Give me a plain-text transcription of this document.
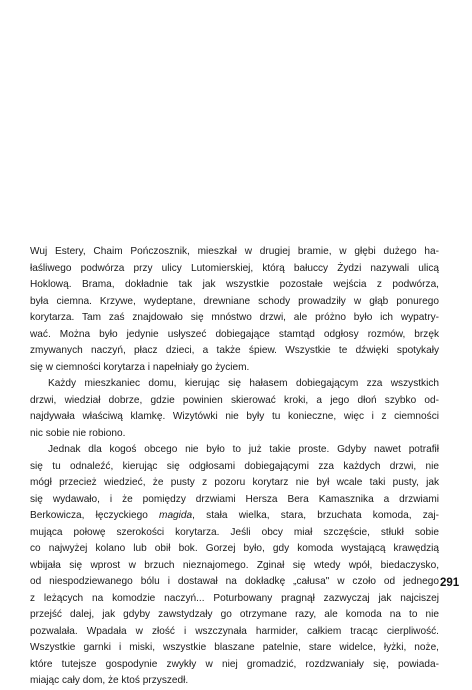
Wuj Estery, Chaim Pończosznik, mieszkał w drugiej bramie, w głębi dużego ha-
łaśliwego podwórza przy ulicy Lutomierskiej, którą bałuccy Żydzi nazywali ulicą
Hoklową. Brama, dokładnie tak jak wszystkie pozostałe wejścia z podwórza,
była ciemna. Krzywe, wydeptane, drewniane schody prowadziły w głąb ponurego
korytarza. Tam zaś znajdowało się mnóstwo drzwi, ale próżno było ich wypatry-
wać. Można było jedynie usłyszeć dobiegające stamtąd odgłosy rozmów, brzęk
zmywanych naczyń, płacz dzieci, a także śpiew. Wszystkie te dźwięki spotykały
się w ciemności korytarza i napełniały go życiem.
Każdy mieszkaniec domu, kierując się hałasem dobiegającym zza wszystkich
drzwi, wiedział dobrze, gdzie powinien skierować kroki, a jego dłoń szybko od-
najdywała właściwą klamkę. Wizytówki nie były tu konieczne, więc i z ciemności
nic sobie nie robiono.
Jednak dla kogoś obcego nie było to już takie proste. Gdyby nawet potrafił
się tu odnaleźć, kierując się odgłosami dobiegającymi zza każdych drzwi, nie
mógł przecież wiedzieć, że pusty z pozoru korytarz nie był wcale taki pusty, jak
się wydawało, i że pomiędzy drzwiami Hersza Bera Kamasznika a drzwiami
Berkowicza, łęczyckiego magida, stała wielka, stara, brzuchata komoda, zaj-
mująca połowę szerokości korytarza. Jeśli obcy miał szczęście, stłukł sobie
co najwyżej kolano lub obił bok. Gorzej było, gdy komoda wystającą krawędzią
wbijała się wprost w brzuch nieznajomego. Zginał się wtedy wpół, biedaczysko,
od niespodziewanego bólu i dostawał na dokładkę „całusa" w czoło od jednego
z leżących na komodzie naczyń... Poturbowany pragnął zazwyczaj jak najciszej
przejść dalej, jak gdyby zawstydzały go otrzymane razy, ale komoda na to nie
pozwalała. Wpadała w złość i wszczynała harmider, całkiem tracąc cierpliwość.
Wszystkie garnki i miski, wszystkie blaszane patelnie, stare widelce, łyżki, noże,
które tutejsze gospodynie zwykły w niej gromadzić, rozdzwaniały się, powiada-
miając cały dom, że ktoś przyszedł.
291
